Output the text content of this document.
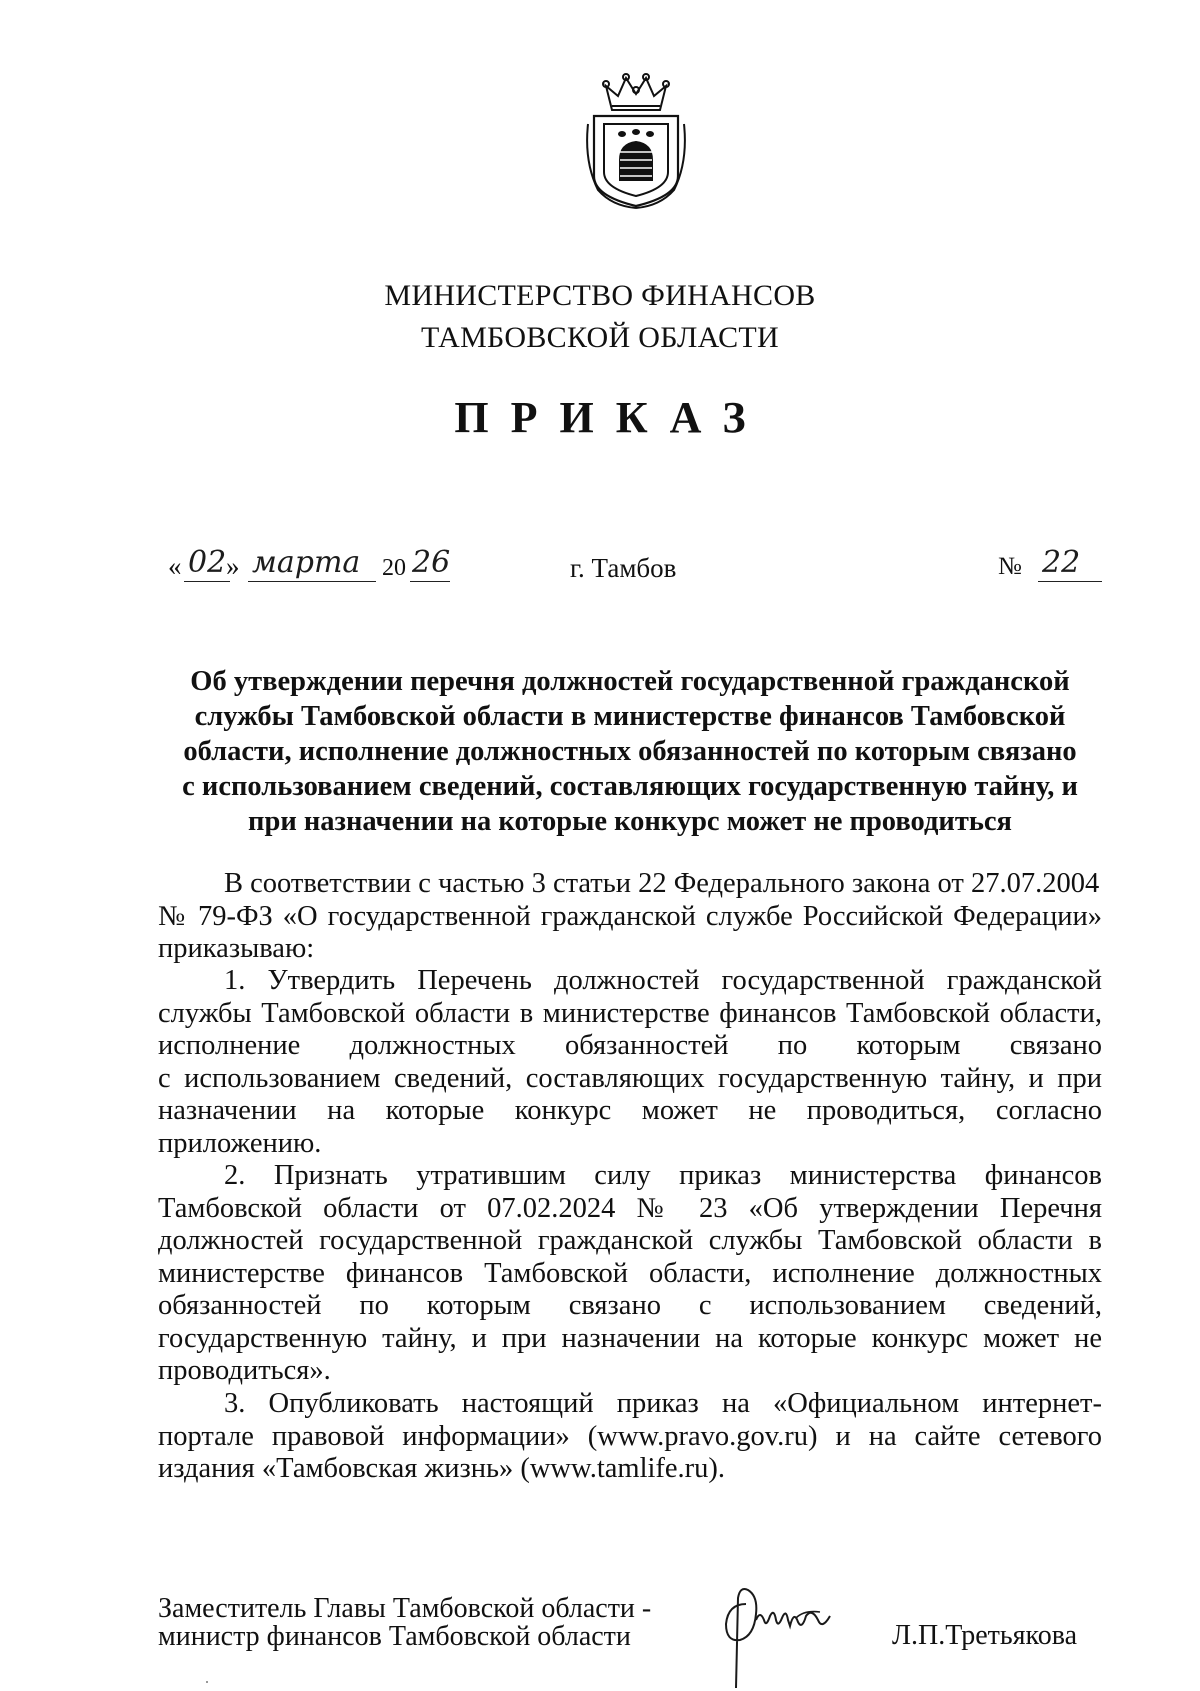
МИНИСТЕРСТВО ФИНАНСОВ
ТАМБОВСКОЙ ОБЛАСТИ
ПРИКАЗ
« 02 » марта 20 26	г. Тамбов	№ 22
Об утверждении перечня должностей государственной гражданской
службы Тамбовской области в министерстве финансов Тамбовской
области, исполнение должностных обязанностей по которым связано
с использованием сведений, составляющих государственную тайну, и
при назначении на которые конкурс может не проводиться
В соответствии с частью 3 статьи 22 Федерального закона от 27.07.2004
№ 79-ФЗ «О государственной гражданской службе Российской Федерации»
приказываю:
1. Утвердить Перечень должностей государственной гражданской
службы Тамбовской области в министерстве финансов Тамбовской области,
исполнение должностных обязанностей по которым связано
с использованием сведений, составляющих государственную тайну, и при
назначении на которые конкурс может не проводиться, согласно
приложению.
2. Признать утратившим силу приказ министерства финансов
Тамбовской области от 07.02.2024 № 23 «Об утверждении Перечня
должностей государственной гражданской службы Тамбовской области в
министерстве финансов Тамбовской области, исполнение должностных
обязанностей по которым связано с использованием сведений,
государственную тайну, и при назначении на которые конкурс может не
проводиться».
3. Опубликовать настоящий приказ на «Официальном интернет-
портале правовой информации» (www.pravo.gov.ru) и на сайте сетевого
издания «Тамбовская жизнь» (www.tamlife.ru).
Заместитель Главы Тамбовской области -
министр финансов Тамбовской области	Л.П.Третьякова
